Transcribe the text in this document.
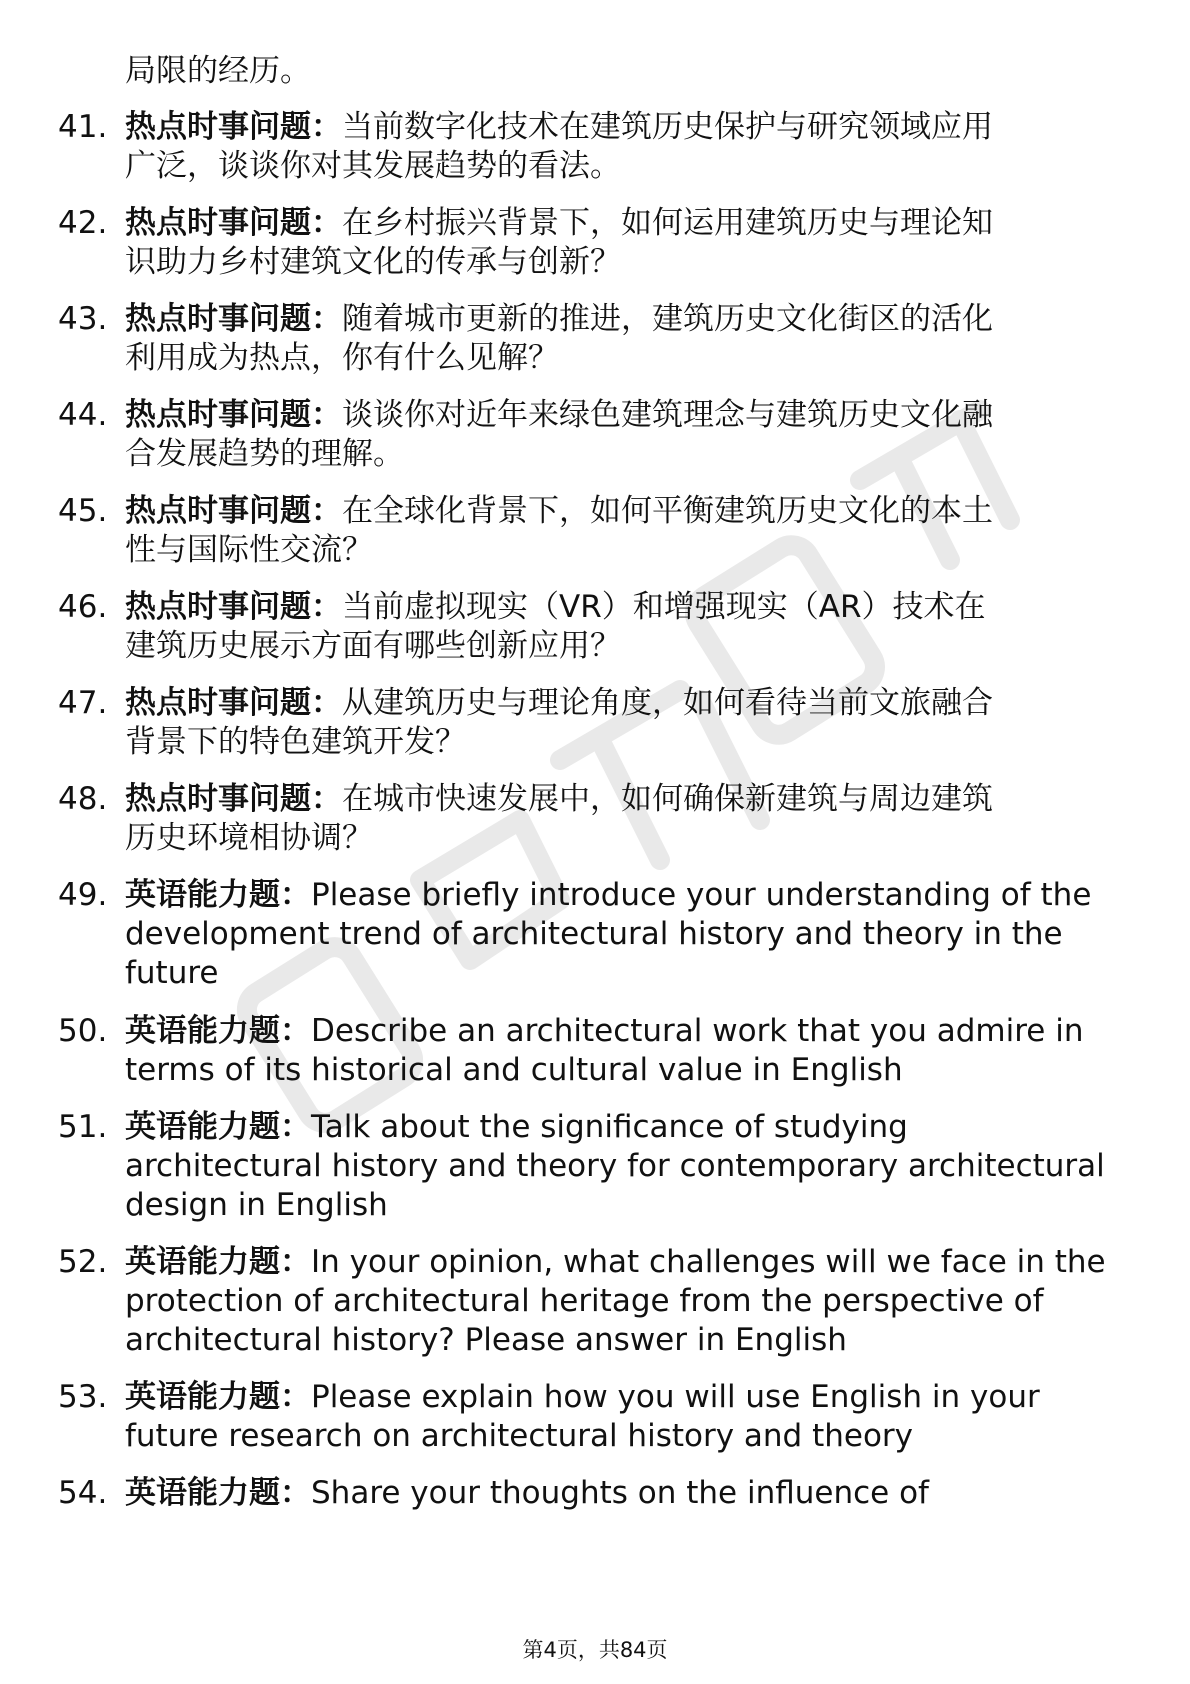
局限的经历。
41. 热点时事问题：当前数字化技术在建筑历史保护与研究领域应用
广泛，谈谈你对其发展趋势的看法。
42. 热点时事问题：在乡村振兴背景下，如何运用建筑历史与理论知
识助力乡村建筑文化的传承与创新？
43. 热点时事问题：随着城市更新的推进，建筑历史文化街区的活化
利用成为热点，你有什么见解？
44. 热点时事问题：谈谈你对近年来绿色建筑理念与建筑历史文化融
合发展趋势的理解。
45. 热点时事问题：在全球化背景下，如何平衡建筑历史文化的本土
性与国际性交流？
46. 热点时事问题：当前虚拟现实（VR）和增强现实（AR）技术在
建筑历史展示方面有哪些创新应用？
47. 热点时事问题：从建筑历史与理论角度，如何看待当前文旅融合
背景下的特色建筑开发？
48. 热点时事问题：在城市快速发展中，如何确保新建筑与周边建筑
历史环境相协调？
49. 英语能力题：Please briefly introduce your understanding of the
development trend of architectural history and theory in the
future
50. 英语能力题：Describe an architectural work that you admire in
terms of its historical and cultural value in English
51. 英语能力题：Talk about the significance of studying
architectural history and theory for contemporary architectural
design in English
52. 英语能力题：In your opinion, what challenges will we face in the
protection of architectural heritage from the perspective of
architectural history? Please answer in English
53. 英语能力题：Please explain how you will use English in your
future research on architectural history and theory
54. 英语能力题：Share your thoughts on the influence of
第4页，共84页
